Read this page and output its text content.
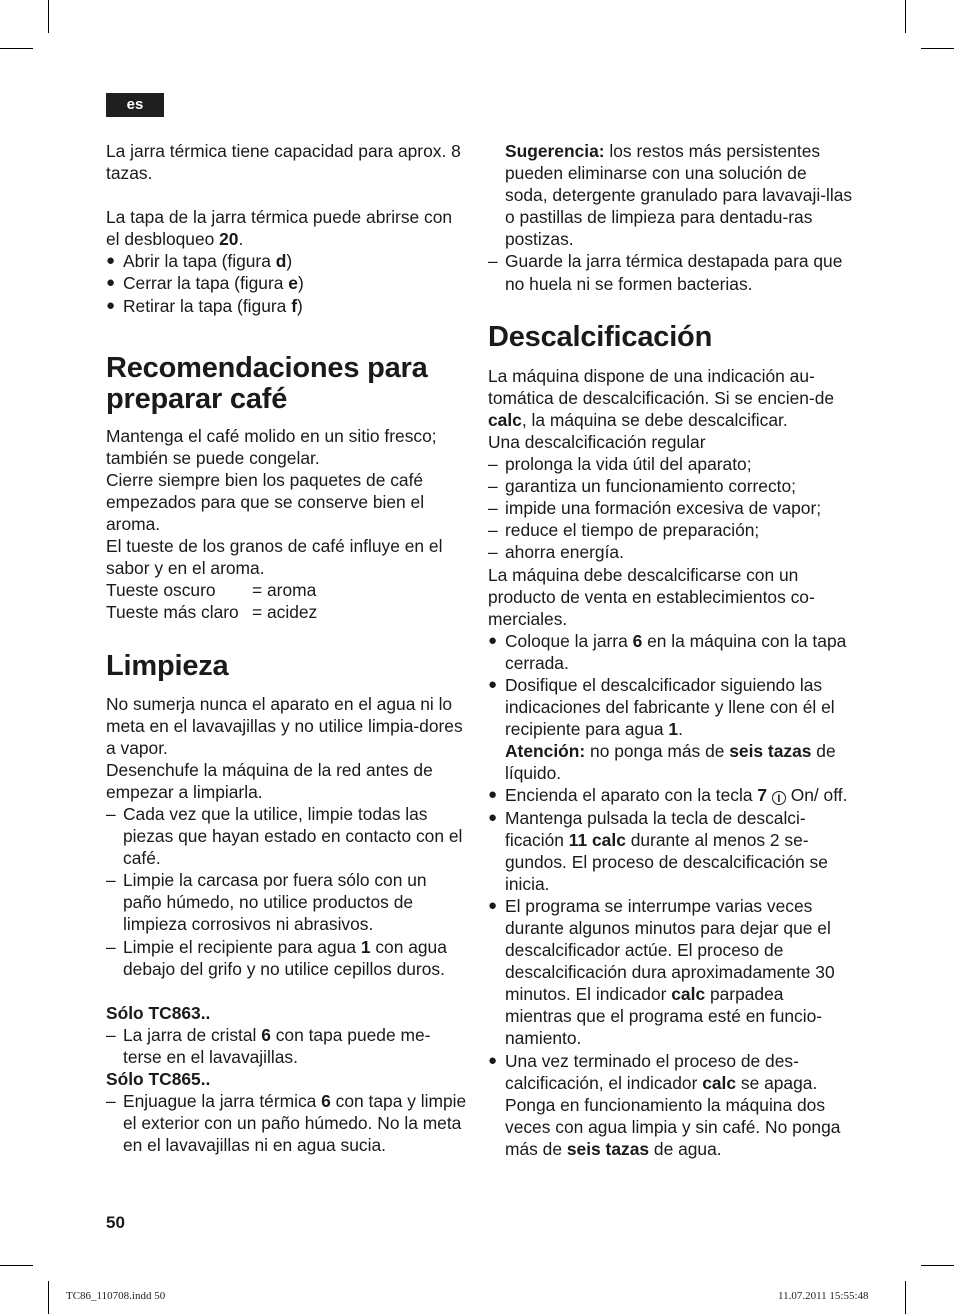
es

La jarra térmica tiene capacidad para aprox. 8 tazas.

La tapa de la jarra térmica puede abrirse con el desbloqueo 20.

● Abrir la tapa (figura d)
● Cerrar la tapa (figura e)
● Retirar la tapa (figura f)
Recomendaciones para preparar café

Mantenga el café molido en un sitio fresco; también se puede congelar.

Cierre siempre bien los paquetes de café empezados para que se conserve bien el aroma.

El tueste de los granos de café influye en el sabor y en el aroma.

Tueste oscuro	= aroma
Tueste más claro = acidez
Limpieza

No sumerja nunca el aparato en el agua ni lo meta en el lavavajillas y no utilice limpia-dores a vapor.

Desenchufe la máquina de la red antes de empezar a limpiarla.

– Cada vez que la utilice, limpie todas las piezas que hayan estado en contacto con el café.
– Limpie la carcasa por fuera sólo con un paño húmedo, no utilice productos de limpieza corrosivos ni abrasivos.
– Limpie el recipiente para agua 1 con agua debajo del grifo y no utilice cepillos duros.

Sólo TC863..

– La jarra de cristal 6 con tapa puede me-terse en el lavavajillas.

Sólo TC865..

– Enjuague la jarra térmica 6 con tapa y limpie el exterior con un paño húmedo. No la meta en el lavavajillas ni en agua sucia.

Sugerencia: los restos más persistentes pueden eliminarse con una solución de soda, detergente granulado para lavavaji-llas o pastillas de limpieza para dentadu-ras postizas.

– Guarde la jarra térmica destapada para que no huela ni se formen bacterias.
Descalcificación

La máquina dispone de una indicación au-tomática de descalcificación. Si se encien-de calc, la máquina se debe descalcificar.

Una descalcificación regular

– prolonga la vida útil del aparato;
– garantiza un funcionamiento correcto;
– impide una formación excesiva de vapor;
– reduce el tiempo de preparación;
– ahorra energía.

La máquina debe descalcificarse con un producto de venta en establecimientos co-merciales.

● Coloque la jarra 6 en la máquina con la tapa cerrada.
● Dosifique el descalcificador siguiendo las indicaciones del fabricante y llene con él el recipiente para agua 1.
Atención: no ponga más de seis tazas de líquido.
● Encienda el aparato con la tecla 7 I On/ off.
● Mantenga pulsada la tecla de descalci-ficación 11 calc durante al menos 2 se-gundos. El proceso de descalcificación se inicia.
● El programa se interrumpe varias veces durante algunos minutos para dejar que el descalcificador actúe. El proceso de descalcificación dura aproximadamente 30 minutos. El indicador calc parpadea mientras que el programa esté en funcio-namiento.
● Una vez terminado el proceso de des-calcificación, el indicador calc se apaga. Ponga en funcionamiento la máquina dos veces con agua limpia y sin café. No ponga más de seis tazas de agua.
50
TC86_110708.indd 50	11.07.2011 15:55:48
